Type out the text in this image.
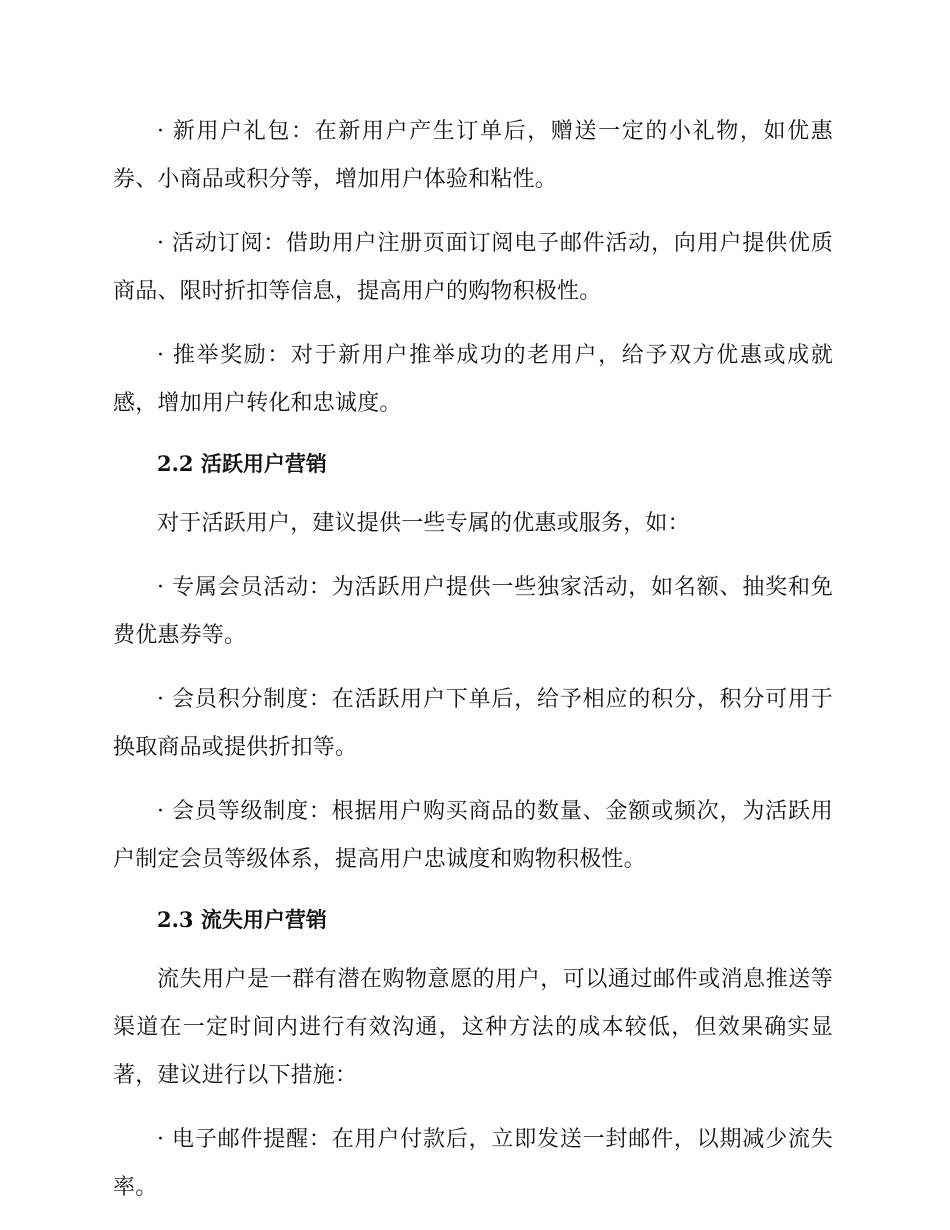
· 新用户礼包：在新用户产生订单后，赠送一定的小礼物，如优惠券、小商品或积分等，增加用户体验和粘性。

· 活动订阅：借助用户注册页面订阅电子邮件活动，向用户提供优质商品、限时折扣等信息，提高用户的购物积极性。

· 推举奖励：对于新用户推举成功的老用户，给予双方优惠或成就感，增加用户转化和忠诚度。

2.2 活跃用户营销

对于活跃用户，建议提供一些专属的优惠或服务，如：

· 专属会员活动：为活跃用户提供一些独家活动，如名额、抽奖和免费优惠券等。

· 会员积分制度：在活跃用户下单后，给予相应的积分，积分可用于换取商品或提供折扣等。

· 会员等级制度：根据用户购买商品的数量、金额或频次，为活跃用户制定会员等级体系，提高用户忠诚度和购物积极性。

2.3 流失用户营销

流失用户是一群有潜在购物意愿的用户，可以通过邮件或消息推送等渠道在一定时间内进行有效沟通，这种方法的成本较低，但效果确实显著，建议进行以下措施：

· 电子邮件提醒：在用户付款后，立即发送一封邮件，以期减少流失率。
